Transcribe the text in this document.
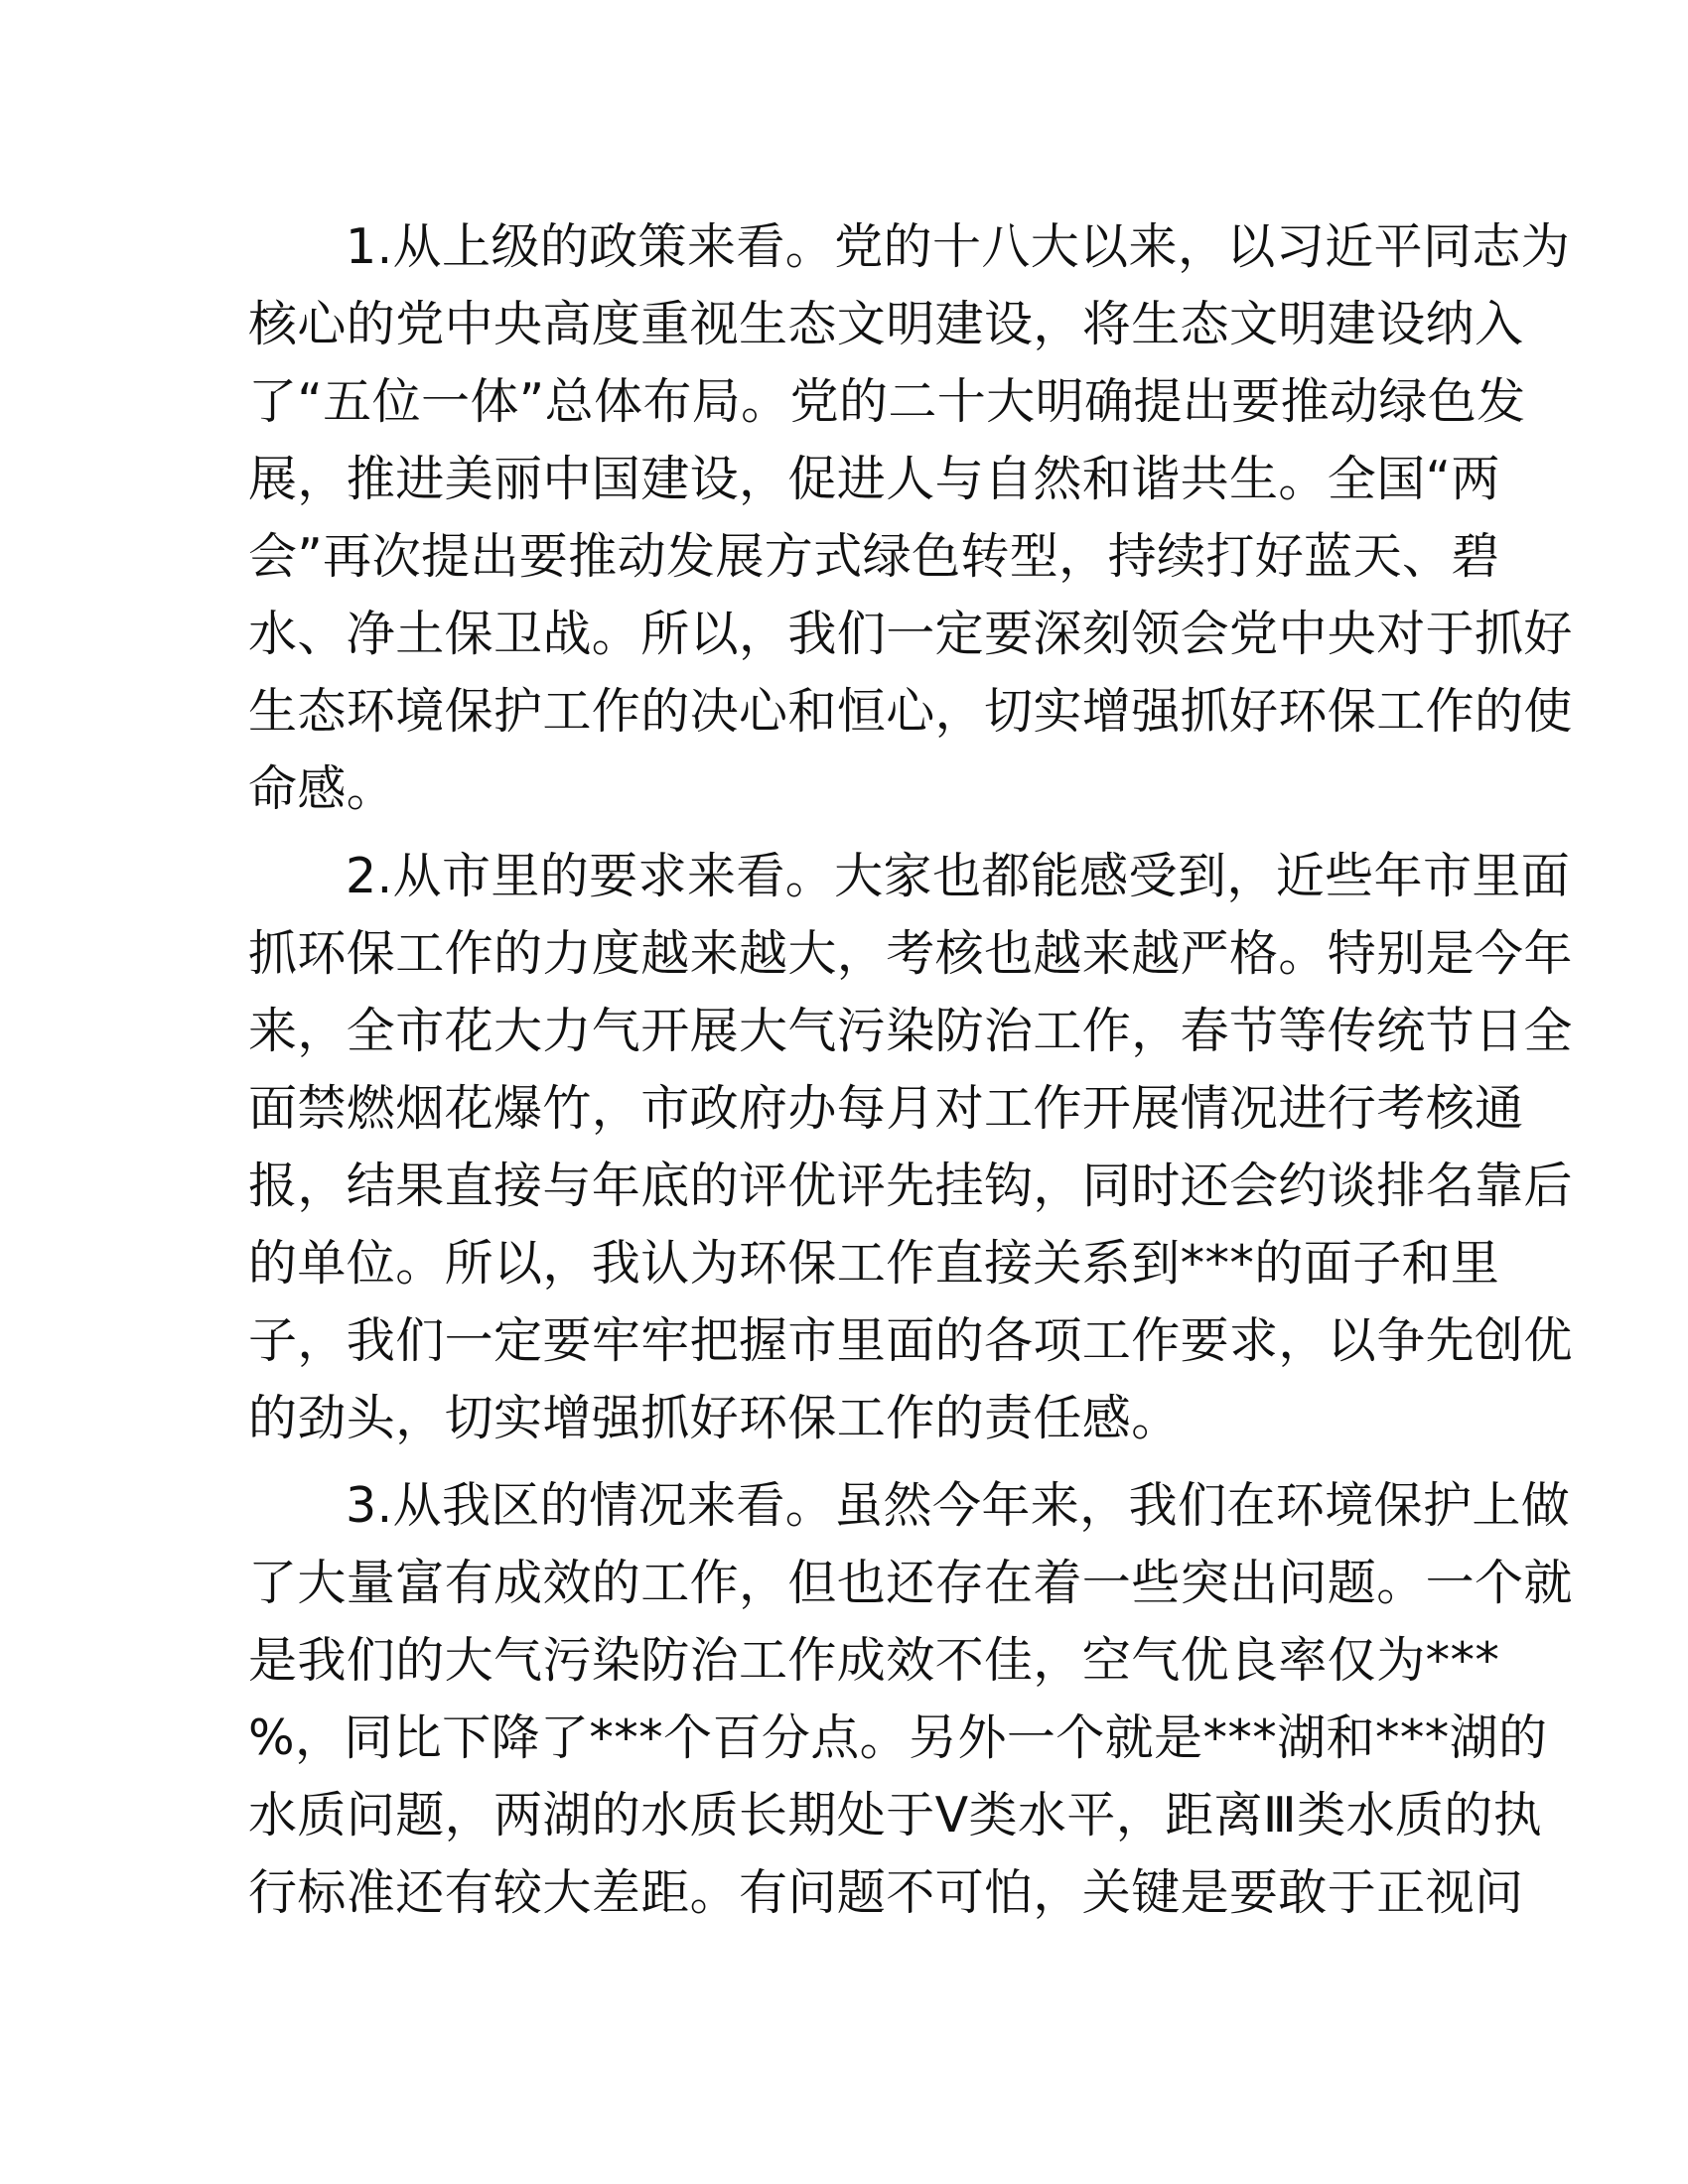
1.从上级的政策来看。党的十八大以来，以习近平同志为
核心的党中央高度重视生态文明建设，将生态文明建设纳入
了“五位一体”总体布局。党的二十大明确提出要推动绿色发
展，推进美丽中国建设，促进人与自然和谐共生。全国“两
会”再次提出要推动发展方式绿色转型，持续打好蓝天、碧
水、净土保卫战。所以，我们一定要深刻领会党中央对于抓好
生态环境保护工作的决心和恒心，切实增强抓好环保工作的使
命感。
2.从市里的要求来看。大家也都能感受到，近些年市里面
抓环保工作的力度越来越大，考核也越来越严格。特别是今年
来，全市花大力气开展大气污染防治工作，春节等传统节日全
面禁燃烟花爆竹，市政府办每月对工作开展情况进行考核通
报，结果直接与年底的评优评先挂钩，同时还会约谈排名靠后
的单位。所以，我认为环保工作直接关系到***的面子和里
子，我们一定要牢牢把握市里面的各项工作要求，以争先创优
的劲头，切实增强抓好环保工作的责任感。
3.从我区的情况来看。虽然今年来，我们在环境保护上做
了大量富有成效的工作，但也还存在着一些突出问题。一个就
是我们的大气污染防治工作成效不佳，空气优良率仅为***
%，同比下降了***个百分点。另外一个就是***湖和***湖的
水质问题，两湖的水质长期处于V类水平，距离Ⅲ类水质的执
行标准还有较大差距。有问题不可怕，关键是要敢于正视问
